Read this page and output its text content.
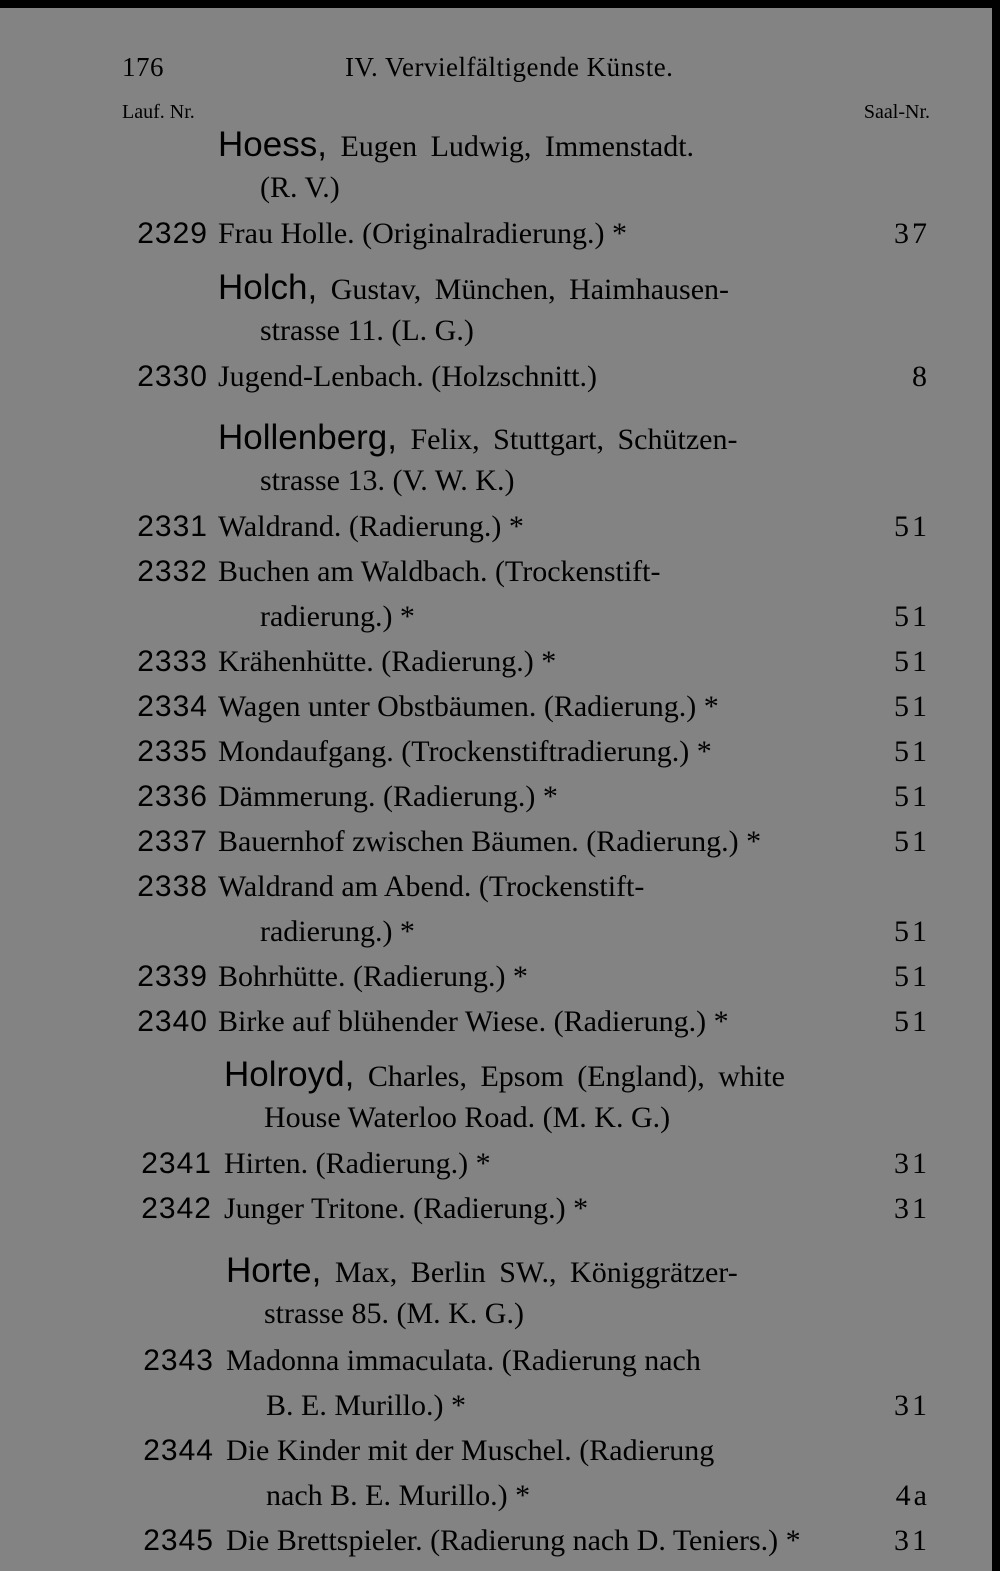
176	IV. Vervielfältigende Künste.
Lauf. Nr.	Saal-Nr.
Hoess, Eugen Ludwig, Immenstadt.
(R. V.)
2329 Frau Holle. (Originalradierung.) *	37
Holch, Gustav, München, Haimhausen-
strasse 11. (L. G.)
2330 Jugend-Lenbach. (Holzschnitt.)	8
Hollenberg, Felix, Stuttgart, Schützen-
strasse 13. (V. W. K.)
2331 Waldrand. (Radierung.) *	51
2332 Buchen am Waldbach. (Trockenstift-
radierung.) *	51
2333 Krähenhütte. (Radierung.) *	51
2334 Wagen unter Obstbäumen. (Radierung.) *	51
2335 Mondaufgang. (Trockenstiftradierung.) *	51
2336 Dämmerung. (Radierung.) *	51
2337 Bauernhof zwischen Bäumen. (Radierung.) *	51
2338 Waldrand am Abend. (Trockenstift-
radierung.) *	51
2339 Bohrhütte. (Radierung.) *	51
2340 Birke auf blühender Wiese. (Radierung.) *	51
Holroyd, Charles, Epsom (England), white
House Waterloo Road. (M. K. G.)
2341 Hirten. (Radierung.) *	31
2342 Junger Tritone. (Radierung.) *	31
Horte, Max, Berlin SW., Königgrätzer-
strasse 85. (M. K. G.)
2343 Madonna immaculata. (Radierung nach
B. E. Murillo.) *	31
2344 Die Kinder mit der Muschel. (Radierung
nach B. E. Murillo.) *	4a
2345 Die Brettspieler. (Radierung nach D. Teniers.) *	31
